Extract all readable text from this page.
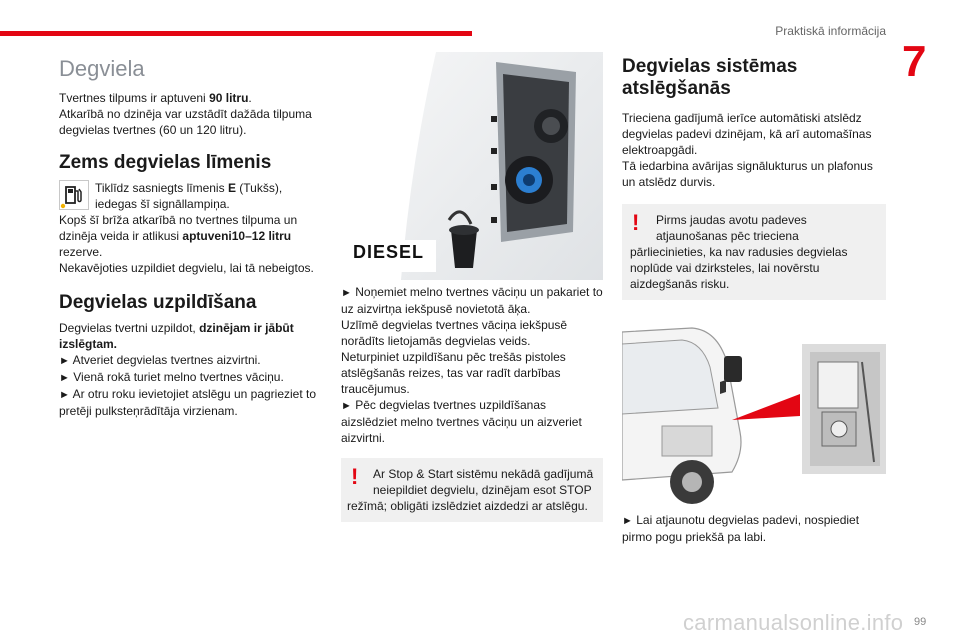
Praktiskā informācija
7
Degviela

Tvertnes tilpums ir aptuveni 90 litru.

Atkarībā no dzinēja var uzstādīt dažāda tilpuma degvielas tvertnes (60 un 120 litru).

Zems degvielas līmenis

Tiklīdz sasniegts līmenis E (Tukšs), iedegas šī signāllampiņa.

Kopš šī brīža atkarībā no tvertnes tilpuma un dzinēja veida ir atlikusi aptuveni10–12 litru rezerve.

Nekavējoties uzpildiet degvielu, lai tā nebeigtos.

Degvielas uzpildīšana

Degvielas tvertni uzpildot, dzinējam ir jābūt izslēgtam.

► Atveriet degvielas tvertnes aizvirtni.

► Vienā rokā turiet melno tvertnes vāciņu.

► Ar otru roku ievietojiet atslēgu un pagrieziet to pretēji pulksteņrādītāja virzienam.

DIESEL

► Noņemiet melno tvertnes vāciņu un pakariet to uz aizvirtņa iekšpusē novietotā āķa.

Uzlīmē degvielas tvertnes vāciņa iekšpusē norādīts lietojamās degvielas veids.

Neturpiniet uzpildīšanu pēc trešās pistoles atslēgšanās reizes, tas var radīt darbības traucējumus.

► Pēc degvielas tvertnes uzpildīšanas aizslēdziet melno tvertnes vāciņu un aizveriet aizvirtni.

!	Ar Stop & Start sistēmu nekādā gadījumā neiepildiet degvielu, dzinējam esot STOP

režīmā; obligāti izslēdziet aizdedzi ar atslēgu.

Degvielas sistēmas atslēgšanās

Trieciena gadījumā ierīce automātiski atslēdz degvielas padevi dzinējam, kā arī automašīnas elektroapgādi.

Tā iedarbina avārijas signālukturus un plafonus un atslēdz durvis.

!	Pirms jaudas avotu padeves atjaunošanas pēc trieciena

pārliecinieties, ka nav radusies degvielas noplūde vai dzirksteles, lai novērstu aizdegšanās risku.

► Lai atjaunotu degvielas padevi, nospiediet pirmo pogu priekšā pa labi.

carmanualsonline.info 99
